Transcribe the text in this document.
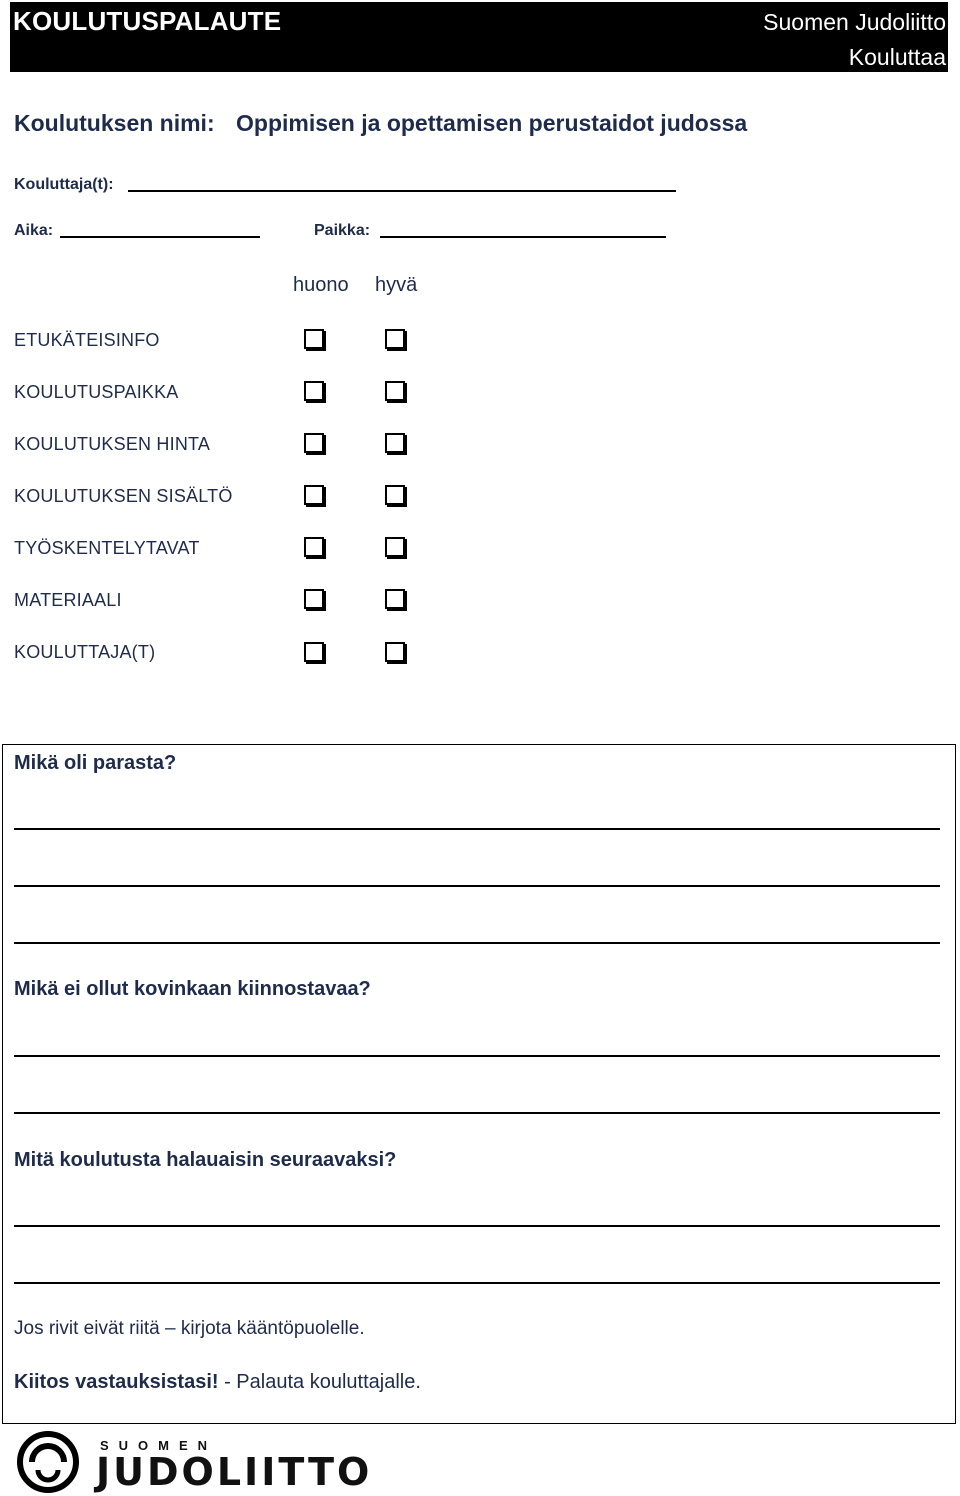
KOULUTUSPALAUTE	Suomen Judoliitto
Kouluttaa
Koulutuksen nimi: Oppimisen ja opettamisen perustaidot judossa
Kouluttaja(t):
Aika:	Paikka:
huono hyvä
ETUKÄTEISINFO
KOULUTUSPAIKKA
KOULUTUKSEN HINTA
KOULUTUKSEN SISÄLTÖ
TYÖSKENTELYTAVAT
MATERIAALI
KOULUTTAJA(T)
Mikä oli parasta?
Mikä ei ollut kovinkaan kiinnostavaa?
Mitä koulutusta halauaisin seuraavaksi?
Jos rivit eivät riitä – kirjota kääntöpuolelle.
Kiitos vastauksistasi! - Palauta kouluttajalle.
SUOMEN
JUDOLIITTO
